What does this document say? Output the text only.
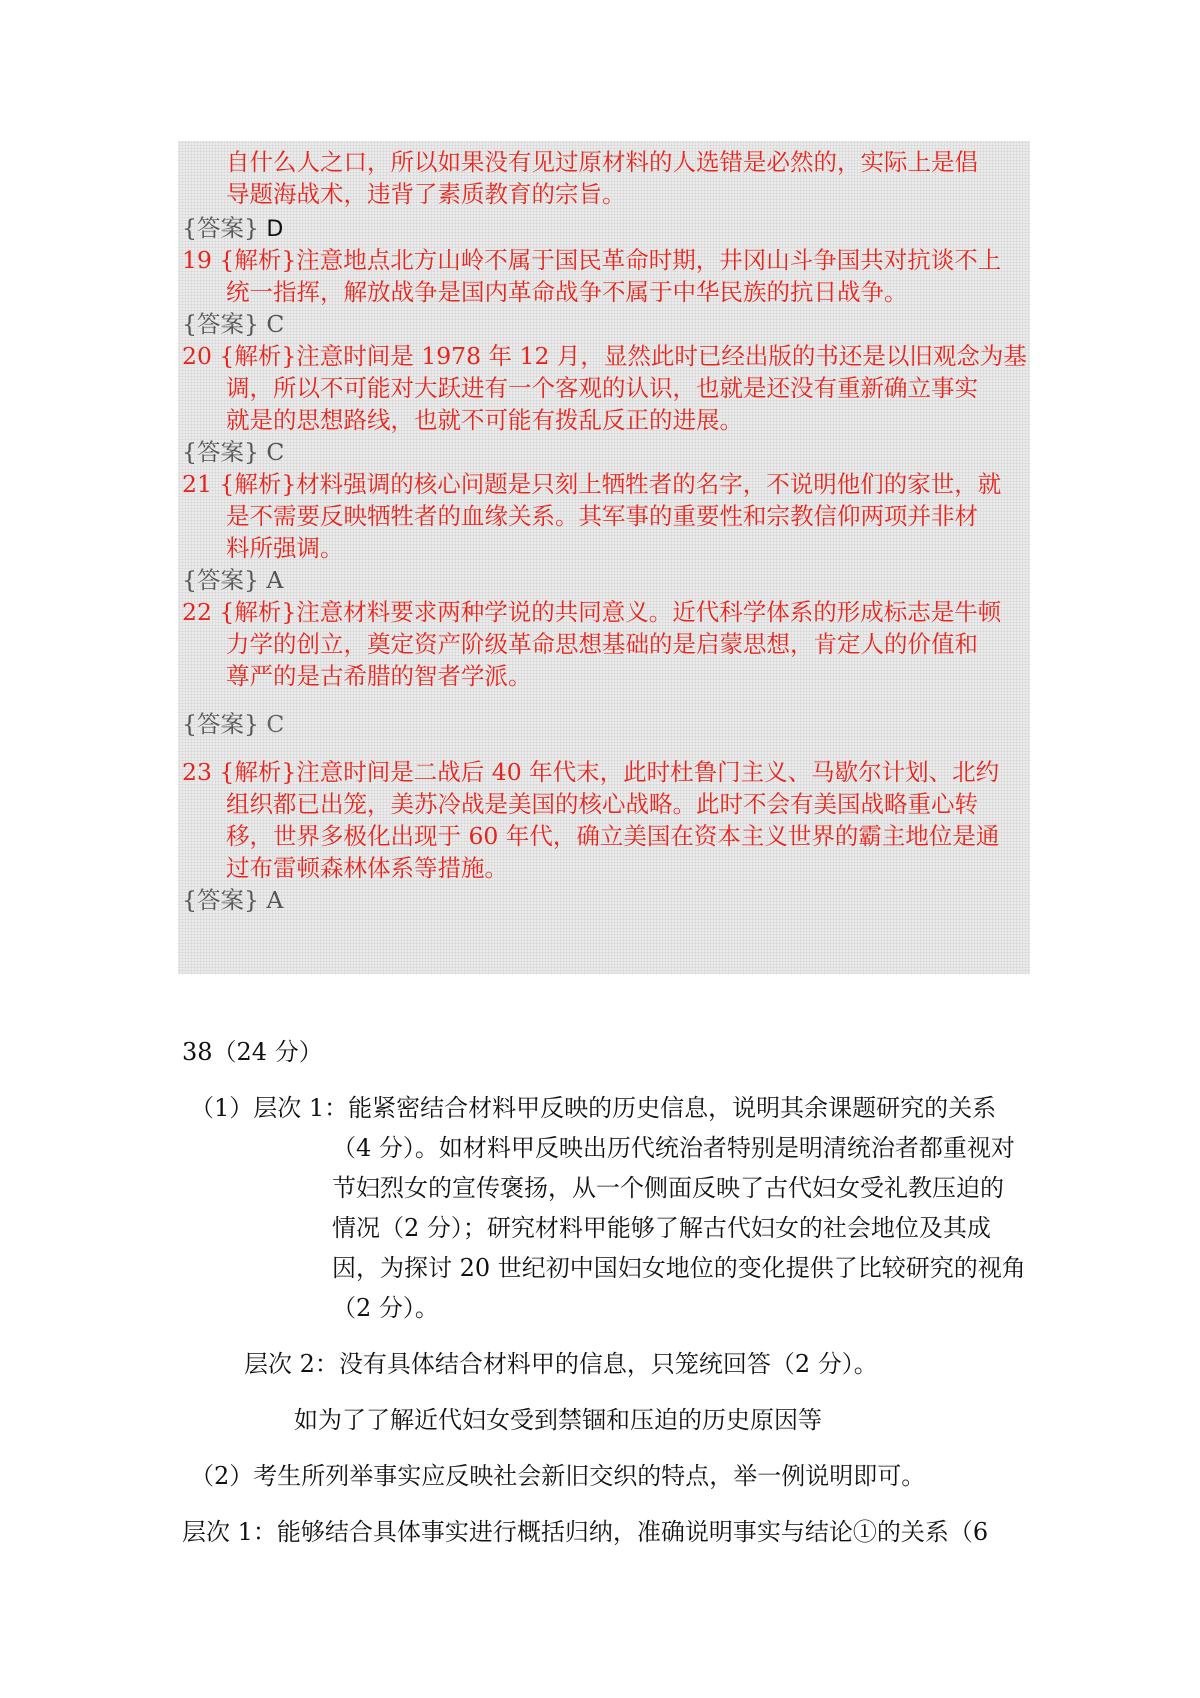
自什么人之口，所以如果没有见过原材料的人选错是必然的，实际上是倡
导题海战术，违背了素质教育的宗旨。
{答案} D
19 {解析}注意地点北方山岭不属于国民革命时期，井冈山斗争国共对抗谈不上
统一指挥，解放战争是国内革命战争不属于中华民族的抗日战争。
{答案} C
20 {解析}注意时间是 1978 年 12 月，显然此时已经出版的书还是以旧观念为基
调，所以不可能对大跃进有一个客观的认识，也就是还没有重新确立事实
就是的思想路线，也就不可能有拨乱反正的进展。
{答案} C
21 {解析}材料强调的核心问题是只刻上牺牲者的名字，不说明他们的家世，就
是不需要反映牺牲者的血缘关系。其军事的重要性和宗教信仰两项并非材
料所强调。
{答案} A
22 {解析}注意材料要求两种学说的共同意义。近代科学体系的形成标志是牛顿
力学的创立，奠定资产阶级革命思想基础的是启蒙思想，肯定人的价值和
尊严的是古希腊的智者学派。
{答案} C
23 {解析}注意时间是二战后 40 年代末，此时杜鲁门主义、马歇尔计划、北约
组织都已出笼，美苏冷战是美国的核心战略。此时不会有美国战略重心转
移，世界多极化出现于 60 年代，确立美国在资本主义世界的霸主地位是通
过布雷顿森林体系等措施。
{答案} A
38（24 分）
（1）层次 1：能紧密结合材料甲反映的历史信息，说明其余课题研究的关系
（4 分）。如材料甲反映出历代统治者特别是明清统治者都重视对
节妇烈女的宣传褒扬，从一个侧面反映了古代妇女受礼教压迫的
情况（2 分）；研究材料甲能够了解古代妇女的社会地位及其成
因，为探讨 20 世纪初中国妇女地位的变化提供了比较研究的视角
（2 分）。
层次 2：没有具体结合材料甲的信息，只笼统回答（2 分）。
如为了了解近代妇女受到禁锢和压迫的历史原因等
（2）考生所列举事实应反映社会新旧交织的特点，举一例说明即可。
层次 1：能够结合具体事实进行概括归纳，准确说明事实与结论①的关系（6
